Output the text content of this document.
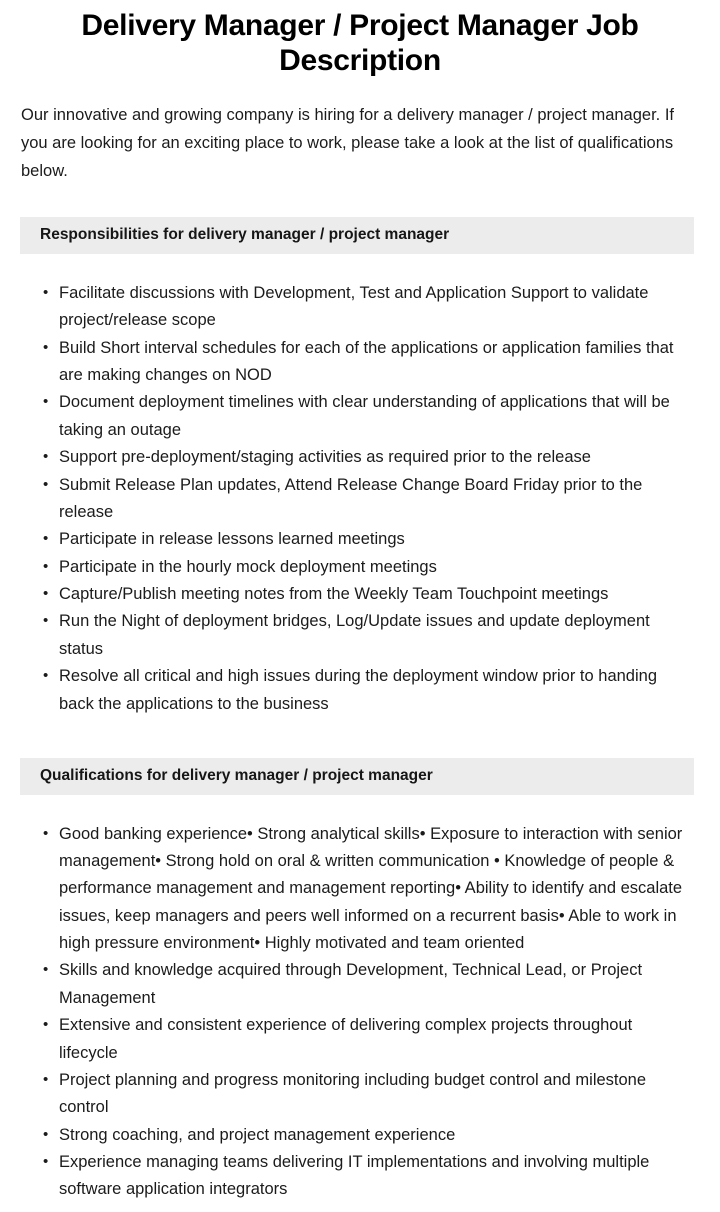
Delivery Manager / Project Manager Job Description

Our innovative and growing company is hiring for a delivery manager / project manager. If you are looking for an exciting place to work, please take a look at the list of qualifications below.

Responsibilities for delivery manager / project manager
• Facilitate discussions with Development, Test and Application Support to validate project/release scope
• Build Short interval schedules for each of the applications or application families that are making changes on NOD
• Document deployment timelines with clear understanding of applications that will be taking an outage
• Support pre-deployment/staging activities as required prior to the release
• Submit Release Plan updates, Attend Release Change Board Friday prior to the release
• Participate in release lessons learned meetings
• Participate in the hourly mock deployment meetings
• Capture/Publish meeting notes from the Weekly Team Touchpoint meetings
• Run the Night of deployment bridges, Log/Update issues and update deployment status
• Resolve all critical and high issues during the deployment window prior to handing back the applications to the business
Qualifications for delivery manager / project manager
• Good banking experience• Strong analytical skills• Exposure to interaction with senior management• Strong hold on oral & written communication • Knowledge of people & performance management and management reporting• Ability to identify and escalate issues, keep managers and peers well informed on a recurrent basis• Able to work in high pressure environment• Highly motivated and team oriented
• Skills and knowledge acquired through Development, Technical Lead, or Project Management
• Extensive and consistent experience of delivering complex projects throughout lifecycle
• Project planning and progress monitoring including budget control and milestone control
• Strong coaching, and project management experience
• Experience managing teams delivering IT implementations and involving multiple software application integrators
